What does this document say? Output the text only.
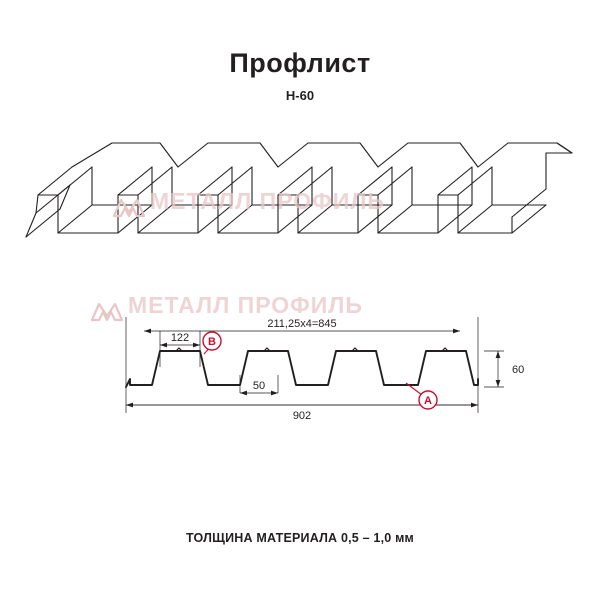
Профлист
Н-60
МЕТАЛЛ ПРОФИЛЬ
МЕТАЛЛ ПРОФИЛЬ
B
A
211,25х4=845
122
50
902
60
ТОЛЩИНА МАТЕРИАЛА 0,5 – 1,0 мм
